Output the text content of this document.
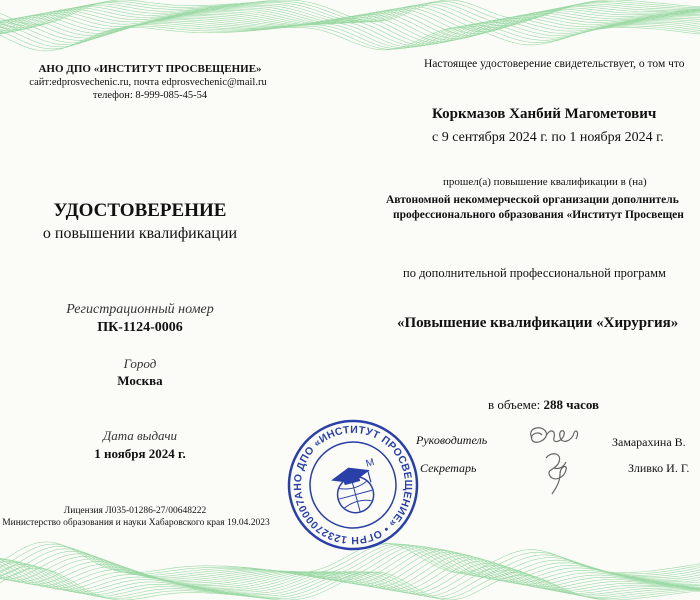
АНО ДПО «ИНСТИТУТ ПРОСВЕЩЕНИЕ»
сайт:edprosvechenic.ru, почта edprosvechenic@mail.ru
телефон: 8-999-085-45-54
УДОСТОВЕРЕНИЕ
о повышении квалификации
Регистрационный номер
ПК-1124-0006
Город
Москва
Дата выдачи
1 ноября 2024 г.
Лицензия Л035-01286-27/00648222
Министерство образования и науки Хабаровского края 19.04.2023
АНО ДПО «ИНСТИТУТ ПРОСВЕЩЕНИЕ» • ОГРН 1232700007277
M
Настоящее удостоверение свидетельствует, о том что
Коркмазов Ханбий Магометович
с 9 сентября 2024 г. по 1 ноября 2024 г.
прошел(а) повышение квалификации в (на)
Автономной некоммерческой организации дополнитель
профессионального образования «Институт Просвещен
по дополнительной профессиональной программ
«Повышение квалификации «Хирургия»
в объеме: 288 часов
Руководитель	Замарахина В.
Секретарь	Зливко И. Г.
